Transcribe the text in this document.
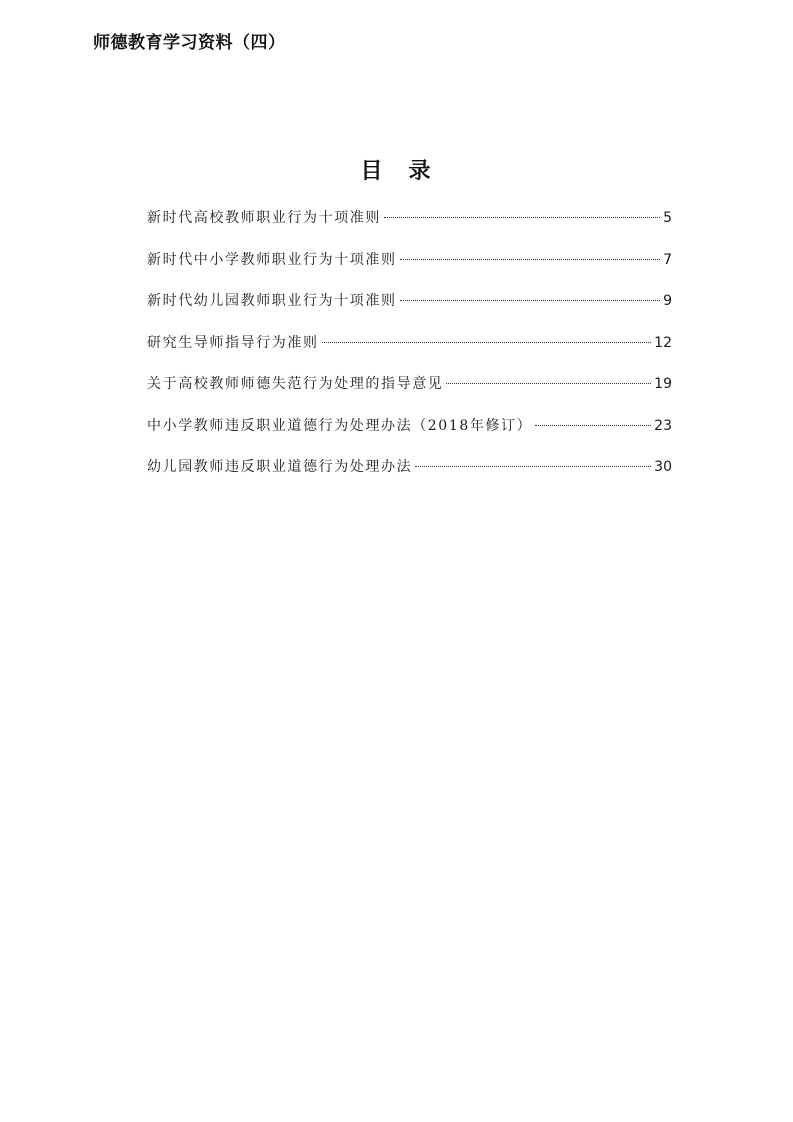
师德教育学习资料（四）
目　录
新时代高校教师职业行为十项准则	5
新时代中小学教师职业行为十项准则	7
新时代幼儿园教师职业行为十项准则	9
研究生导师指导行为准则	12
关于高校教师师德失范行为处理的指导意见	19
中小学教师违反职业道德行为处理办法（2018年修订）	23
幼儿园教师违反职业道德行为处理办法	30
